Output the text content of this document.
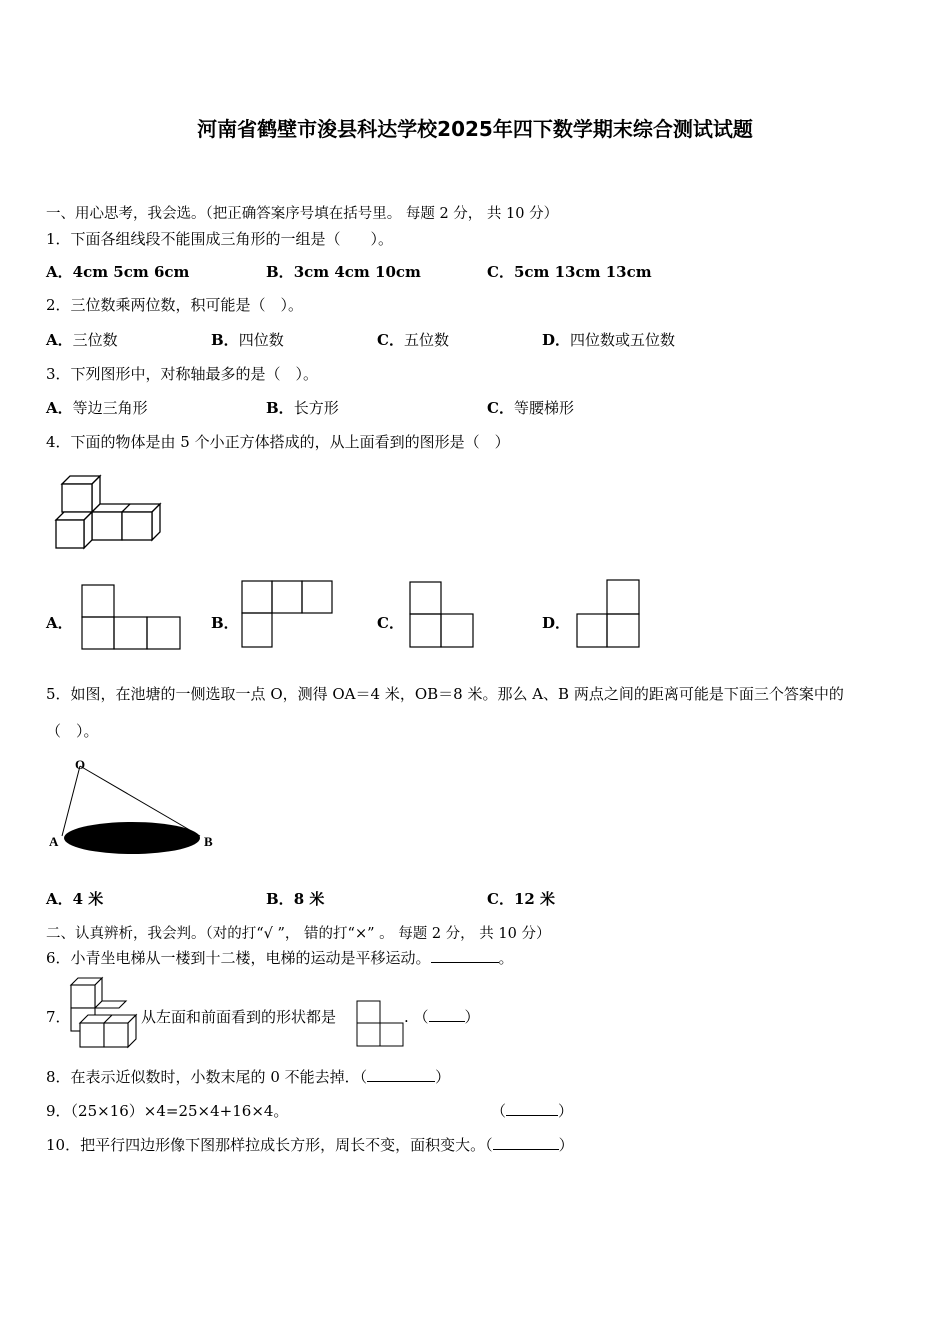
河南省鹤壁市浚县科达学校2025年四下数学期末综合测试试题
一、用心思考，我会选。（把正确答案序号填在括号里。 每题 2 分， 共 10 分）
1．下面各组线段不能围成三角形的一组是（　　）。
A．4cm 5cm 6cm	B．3cm 4cm 10cm	C．5cm 13cm 13cm
2．三位数乘两位数，积可能是（　）。
A．三位数	B．四位数	C．五位数	D．四位数或五位数
3．下列图形中，对称轴最多的是（　）。
A．等边三角形	B．长方形	C．等腰梯形
4．下面的物体是由 5 个小正方体搭成的，从上面看到的图形是（　）
A．	B．	C．	D．
5．如图，在池塘的一侧选取一点 O，测得 OA＝4 米，OB＝8 米。那么 A、B 两点之间的距离可能是下面三个答案中的
（　）。
O
A	B
A．4 米	B．8 米	C．12 米
二、认真辨析，我会判。（对的打“√ ”， 错的打“×” 。 每题 2 分， 共 10 分）
6．小青坐电梯从一楼到十二楼，电梯的运动是平移运动。	。
7．	从左面和前面看到的形状都是	. （ ）
8．在表示近似数时，小数末尾的 0 不能去掉．（	）
9．（25×16）×4=25×4+16×4。	（	）
10．把平行四边形像下图那样拉成长方形，周长不变，面积变大。（	）
